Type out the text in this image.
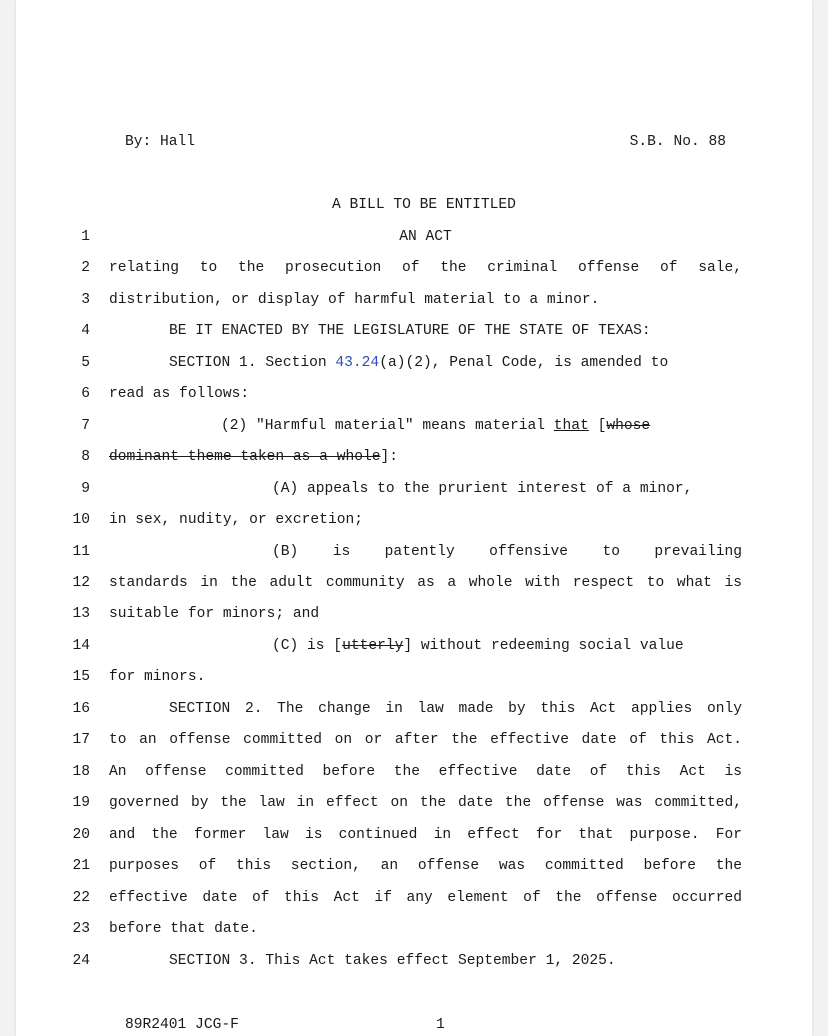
By: Hall	S.B. No. 88
89R2401 JCG-F	1
A BILL TO BE ENTITLED
1	AN ACT
2 relating to the prosecution of the criminal offense of sale,
3 distribution, or display of harmful material to a minor.
4	BE IT ENACTED BY THE LEGISLATURE OF THE STATE OF TEXAS:
5	SECTION 1. Section 43.24(a)(2), Penal Code, is amended to
6 read as follows:
7	(2) "Harmful material" means material that [whose
8 dominant theme taken as a whole]:
9	(A) appeals to the prurient interest of a minor,
10 in sex, nudity, or excretion;
11	(B) is patently offensive to prevailing
12 standards in the adult community as a whole with respect to what is
13 suitable for minors; and
14	(C) is [utterly] without redeeming social value
15 for minors.
16	SECTION 2. The change in law made by this Act applies only
17 to an offense committed on or after the effective date of this Act.
18 An offense committed before the effective date of this Act is
19 governed by the law in effect on the date the offense was committed,
20 and the former law is continued in effect for that purpose. For
21 purposes of this section, an offense was committed before the
22 effective date of this Act if any element of the offense occurred
23 before that date.
24	SECTION 3. This Act takes effect September 1, 2025.
